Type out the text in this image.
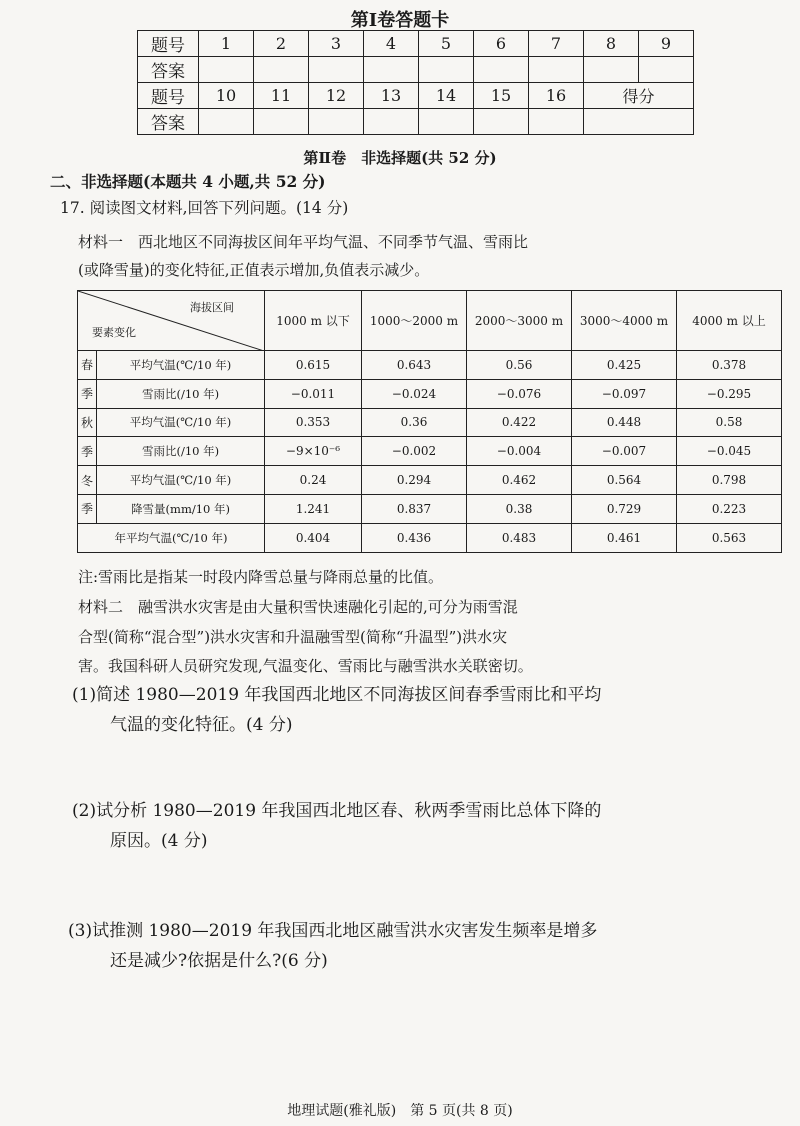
第Ⅰ卷答题卡
题号	1	2	3	4	5	6	7	8	9
答案									
题号	10	11	12	13	14	15	16	得分	
答案									
第Ⅱ卷　非选择题(共 52 分)
二、非选择题(本题共 4 小题,共 52 分)
17. 阅读图文材料,回答下列问题。(14 分)
材料一　西北地区不同海拔区间年平均气温、不同季节气温、雪雨比
(或降雪量)的变化特征,正值表示增加,负值表示减少。
海拔区间
要素变化		1000 m 以下	1000～2000 m	2000～3000 m	3000～4000 m	4000 m 以上
春	平均气温(℃/10 年)	0.615	0.643	0.56	0.425	0.378
季	雪雨比(/10 年)	−0.011	−0.024	−0.076	−0.097	−0.295
秋	平均气温(℃/10 年)	0.353	0.36	0.422	0.448	0.58
季	雪雨比(/10 年)	−9×10⁻⁶	−0.002	−0.004	−0.007	−0.045
冬	平均气温(℃/10 年)	0.24	0.294	0.462	0.564	0.798
季	降雪量(mm/10 年)	1.241	0.837	0.38	0.729	0.223
年平均气温(℃/10 年)		0.404	0.436	0.483	0.461	0.563
注:雪雨比是指某一时段内降雪总量与降雨总量的比值。
材料二　融雪洪水灾害是由大量积雪快速融化引起的,可分为雨雪混
合型(简称“混合型”)洪水灾害和升温融雪型(简称“升温型”)洪水灾
害。我国科研人员研究发现,气温变化、雪雨比与融雪洪水关联密切。
(1)简述 1980—2019 年我国西北地区不同海拔区间春季雪雨比和平均
气温的变化特征。(4 分)
(2)试分析 1980—2019 年我国西北地区春、秋两季雪雨比总体下降的
原因。(4 分)
(3)试推测 1980—2019 年我国西北地区融雪洪水灾害发生频率是增多
还是减少?依据是什么?(6 分)
地理试题(雅礼版)　第 5 页(共 8 页)
